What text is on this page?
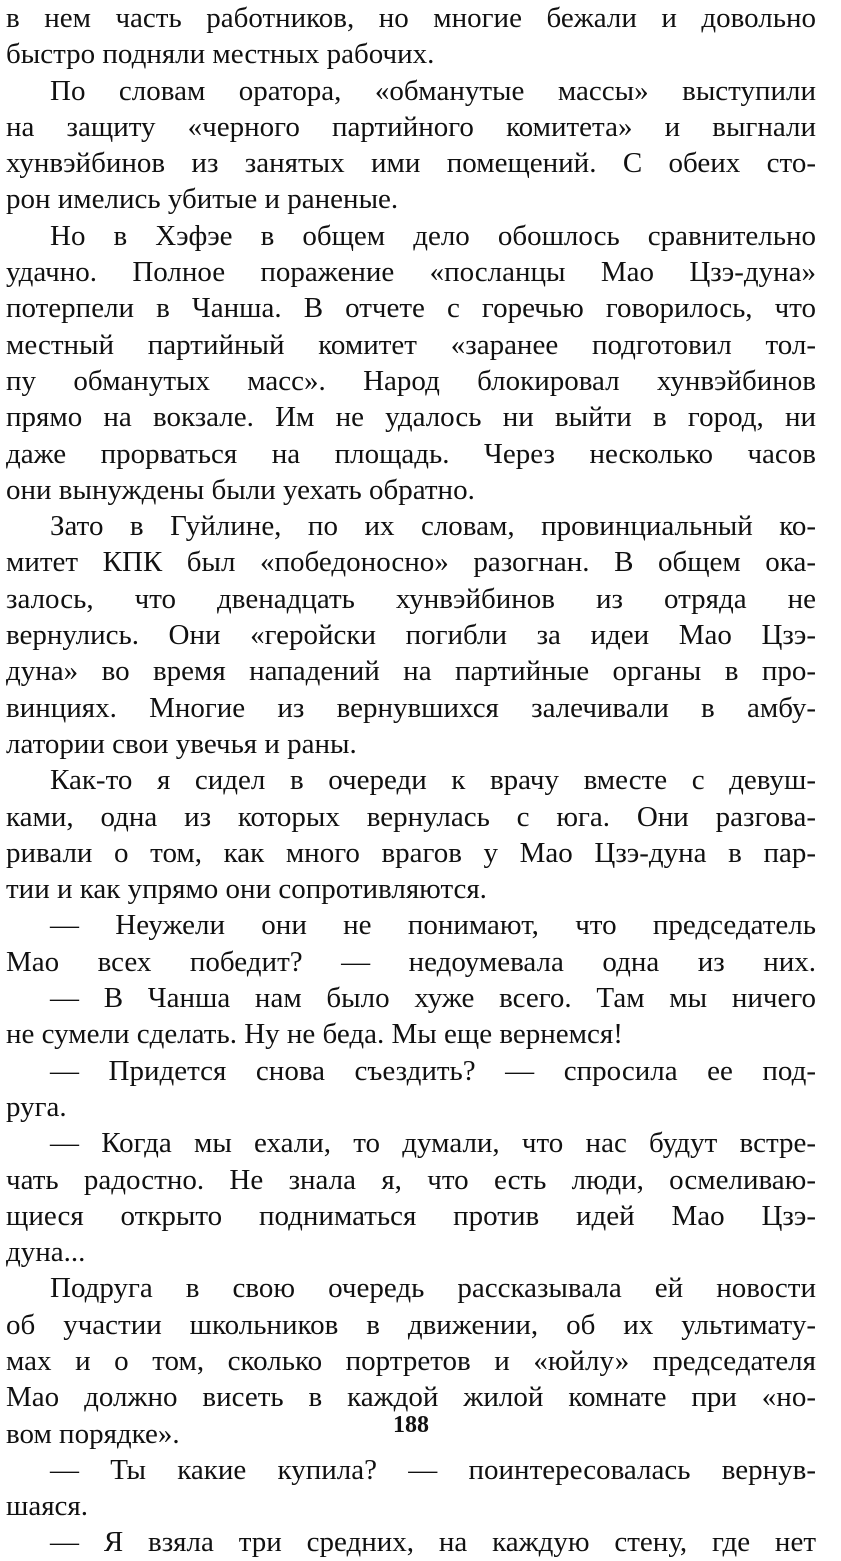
в нем часть работников, но многие бежали и довольно
быстро подняли местных рабочих.
По словам оратора, «обманутые массы» выступили
на защиту «черного партийного комитета» и выгнали
хунвэйбинов из занятых ими помещений. С обеих сто-
рон имелись убитые и раненые.
Но в Хэфэе в общем дело обошлось сравнительно
удачно. Полное поражение «посланцы Мао Цзэ-дуна»
потерпели в Чанша. В отчете с горечью говорилось, что
местный партийный комитет «заранее подготовил тол-
пу обманутых масс». Народ блокировал хунвэйбинов
прямо на вокзале. Им не удалось ни выйти в город, ни
даже прорваться на площадь. Через несколько часов
они вынуждены были уехать обратно.
Зато в Гуйлине, по их словам, провинциальный ко-
митет КПК был «победоносно» разогнан. В общем ока-
залось, что двенадцать хунвэйбинов из отряда не
вернулись. Они «геройски погибли за идеи Мао Цзэ-
дуна» во время нападений на партийные органы в про-
винциях. Многие из вернувшихся залечивали в амбу-
латории свои увечья и раны.
Как-то я сидел в очереди к врачу вместе с девуш-
ками, одна из которых вернулась с юга. Они разгова-
ривали о том, как много врагов у Мао Цзэ-дуна в пар-
тии и как упрямо они сопротивляются.
— Неужели они не понимают, что председатель
Мао всех победит? — недоумевала одна из них.
— В Чанша нам было хуже всего. Там мы ничего
не сумели сделать. Ну не беда. Мы еще вернемся!
— Придется снова съездить? — спросила ее под-
руга.
— Когда мы ехали, то думали, что нас будут встре-
чать радостно. Не знала я, что есть люди, осмеливаю-
щиеся открыто подниматься против идей Мао Цзэ-
дуна...
Подруга в свою очередь рассказывала ей новости
об участии школьников в движении, об их ультимату-
мах и о том, сколько портретов и «юйлу» председателя
Мао должно висеть в каждой жилой комнате при «но-
вом порядке».
— Ты какие купила? — поинтересовалась вернув-
шаяся.
— Я взяла три средних, на каждую стену, где нет
188
